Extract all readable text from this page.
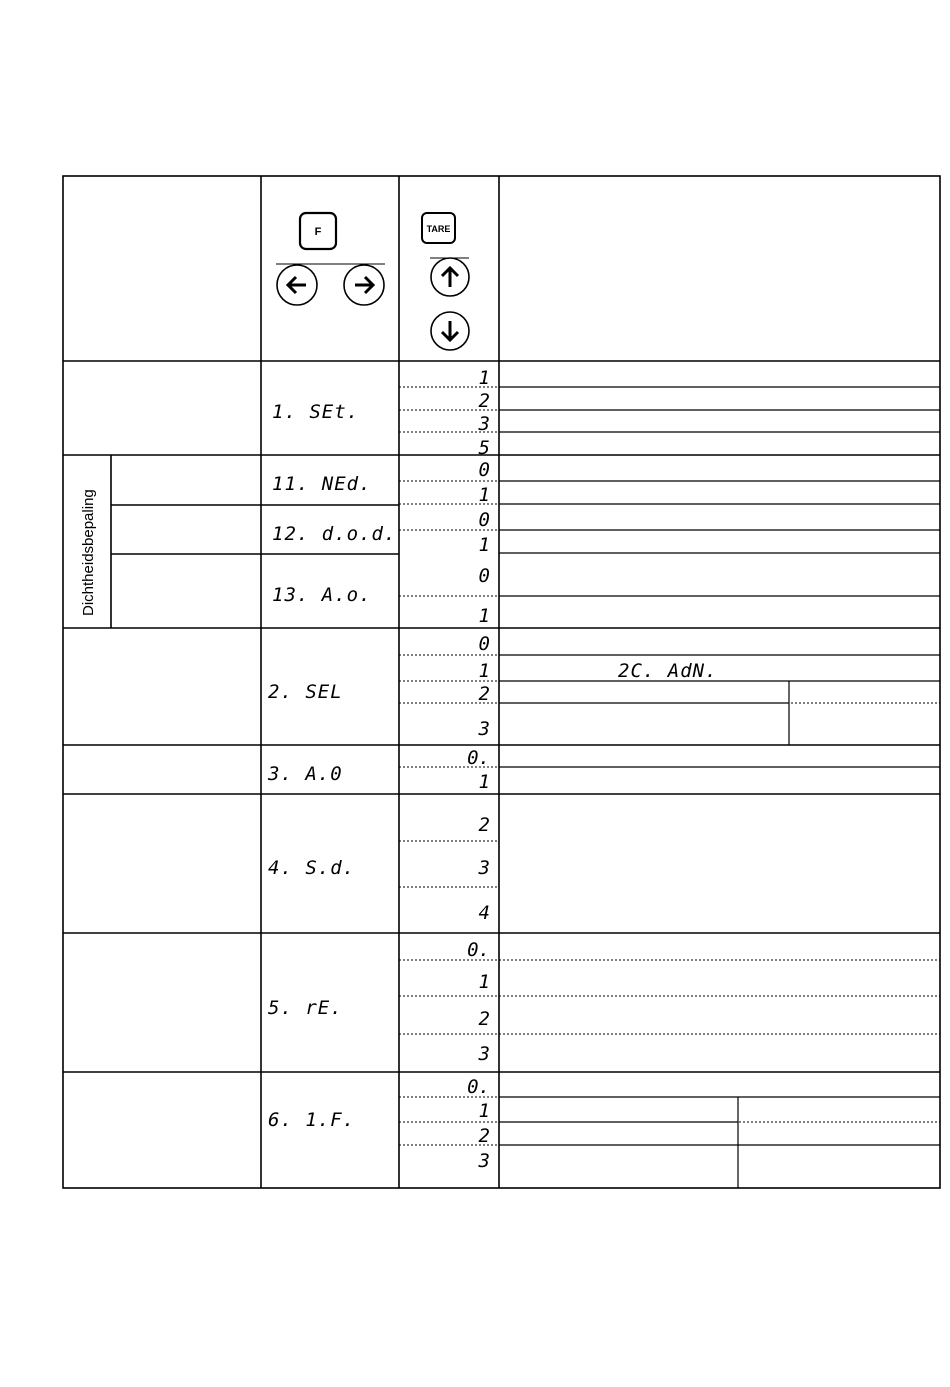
F	TARE
Dichtheidsbepaling
1. SEt.
11. NEd.
12. d.o.d.
13. A.o.
2. SEL
3. A.0
4. S.d.
5. rE.
6. 1.F.
1
2
3
5
0
1
0
1
0
1
0
1
2
3
2C. AdN.
0.
1
2
3
4
0.
1
2
3
0.
1
2
3
